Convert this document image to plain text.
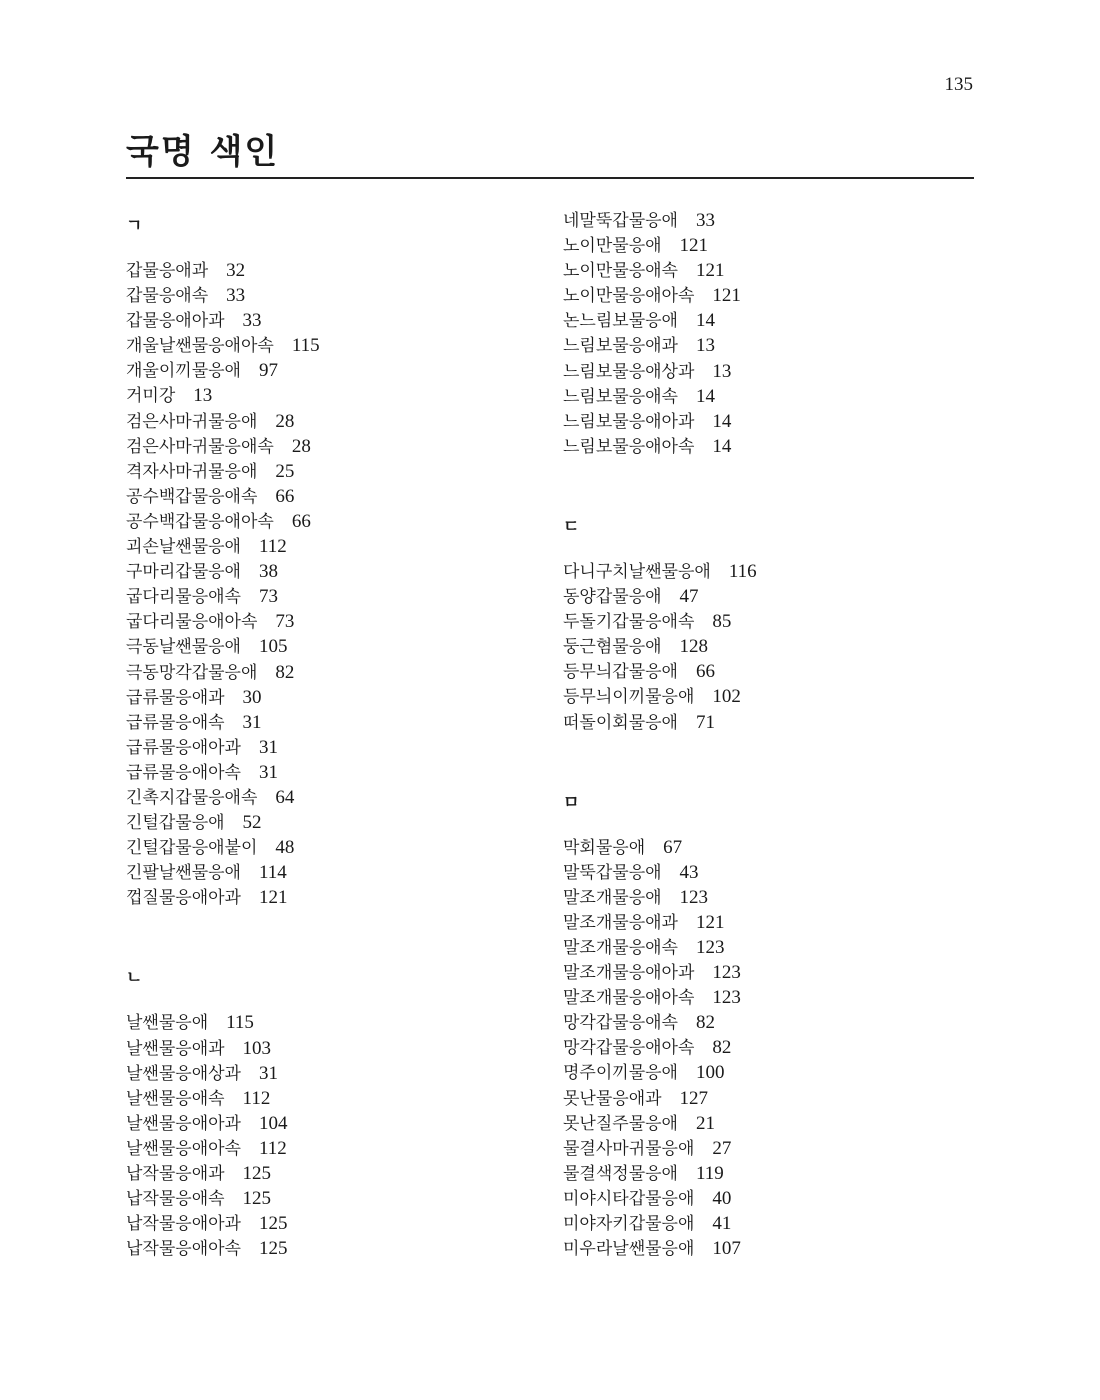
135
국명 색인
ㄱ
갑물응애과 32
갑물응애속 33
갑물응애아과 33
개울날쌘물응애아속 115
개울이끼물응애 97
거미강 13
검은사마귀물응애 28
검은사마귀물응애속 28
격자사마귀물응애 25
공수백갑물응애속 66
공수백갑물응애아속 66
괴손날쌘물응애 112
구마리갑물응애 38
굽다리물응애속 73
굽다리물응애아속 73
극동날쌘물응애 105
극동망각갑물응애 82
급류물응애과 30
급류물응애속 31
급류물응애아과 31
급류물응애아속 31
긴촉지갑물응애속 64
긴털갑물응애 52
긴털갑물응애붙이 48
긴팔날쌘물응애 114
껍질물응애아과 121
ㄴ
날쌘물응애 115
날쌘물응애과 103
날쌘물응애상과 31
날쌘물응애속 112
날쌘물응애아과 104
날쌘물응애아속 112
납작물응애과 125
납작물응애속 125
납작물응애아과 125
납작물응애아속 125
네말뚝갑물응애 33
노이만물응애 121
노이만물응애속 121
노이만물응애아속 121
논느림보물응애 14
느림보물응애과 13
느림보물응애상과 13
느림보물응애속 14
느림보물응애아과 14
느림보물응애아속 14
ㄷ
다니구치날쌘물응애 116
동양갑물응애 47
두돌기갑물응애속 85
둥근혐물응애 128
등무늬갑물응애 66
등무늬이끼물응애 102
떠돌이회물응애 71
ㅁ
막회물응애 67
말뚝갑물응애 43
말조개물응애 123
말조개물응애과 121
말조개물응애속 123
말조개물응애아과 123
말조개물응애아속 123
망각갑물응애속 82
망각갑물응애아속 82
명주이끼물응애 100
못난물응애과 127
못난질주물응애 21
물결사마귀물응애 27
물결색정물응애 119
미야시타갑물응애 40
미야자키갑물응애 41
미우라날쌘물응애 107
